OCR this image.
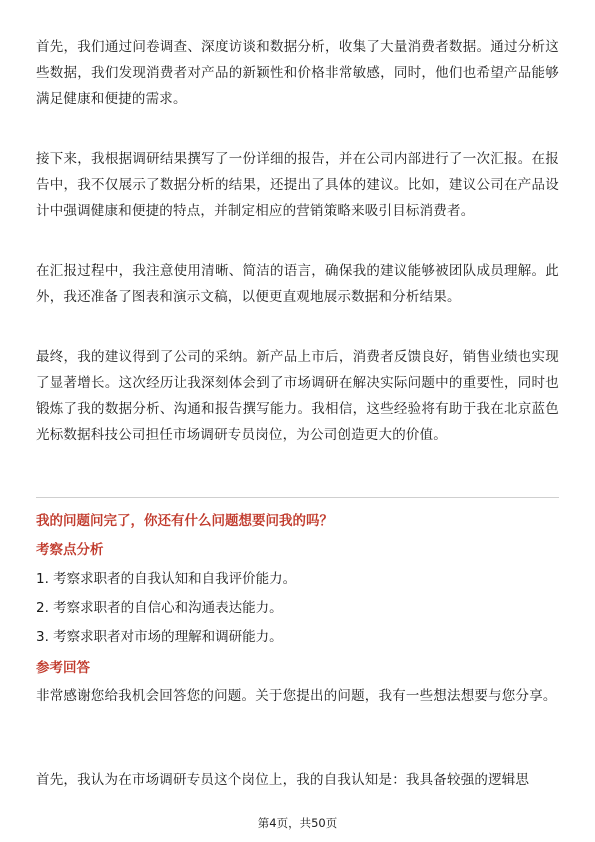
首先，我们通过问卷调查、深度访谈和数据分析，收集了大量消费者数据。通过分析这些数据，我们发现消费者对产品的新颖性和价格非常敏感，同时，他们也希望产品能够满足健康和便捷的需求。

接下来，我根据调研结果撰写了一份详细的报告，并在公司内部进行了一次汇报。在报告中，我不仅展示了数据分析的结果，还提出了具体的建议。比如，建议公司在产品设计中强调健康和便捷的特点，并制定相应的营销策略来吸引目标消费者。

在汇报过程中，我注意使用清晰、简洁的语言，确保我的建议能够被团队成员理解。此外，我还准备了图表和演示文稿，以便更直观地展示数据和分析结果。

最终，我的建议得到了公司的采纳。新产品上市后，消费者反馈良好，销售业绩也实现了显著增长。这次经历让我深刻体会到了市场调研在解决实际问题中的重要性，同时也锻炼了我的数据分析、沟通和报告撰写能力。我相信，这些经验将有助于我在北京蓝色光标数据科技公司担任市场调研专员岗位，为公司创造更大的价值。

我的问题问完了，你还有什么问题想要问我的吗？

考察点分析

1. 考察求职者的自我认知和自我评价能力。
2. 考察求职者的自信心和沟通表达能力。
3. 考察求职者对市场的理解和调研能力。

参考回答

非常感谢您给我机会回答您的问题。关于您提出的问题，我有一些想法想要与您分享。

首先，我认为在市场调研专员这个岗位上，我的自我认知是：我具备较强的逻辑思

第4页，共50页
